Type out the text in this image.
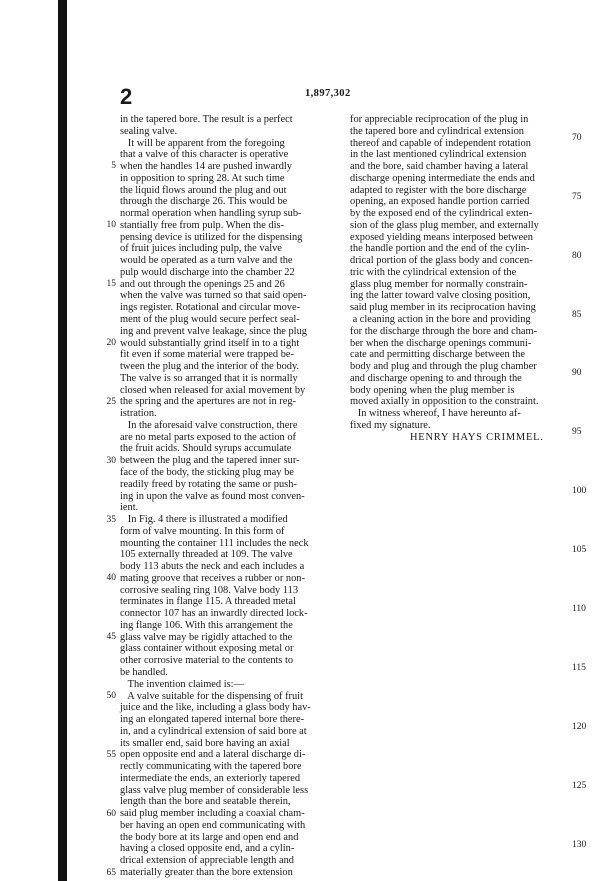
2	1,897,302
in the tapered bore. The result is a perfect
sealing valve.
It will be apparent from the foregoing
that a valve of this character is operative
when the handles 14 are pushed inwardly
in opposition to spring 28. At such time
the liquid flows around the plug and out
through the discharge 26. This would be
normal operation when handling syrup sub-
stantially free from pulp. When the dis-
pensing device is utilized for the dispensing
of fruit juices including pulp, the valve
would be operated as a turn valve and the
pulp would discharge into the chamber 22
and out through the openings 25 and 26
when the valve was turned so that said open-
ings register. Rotational and circular move-
ment of the plug would secure perfect seal-
ing and prevent valve leakage, since the plug
would substantially grind itself in to a tight
fit even if some material were trapped be-
tween the plug and the interior of the body.
The valve is so arranged that it is normally
closed when released for axial movement by
the spring and the apertures are not in reg-
istration.
In the aforesaid valve construction, there
are no metal parts exposed to the action of
the fruit acids. Should syrups accumulate
between the plug and the tapered inner sur-
face of the body, the sticking plug may be
readily freed by rotating the same or push-
ing in upon the valve as found most conven-
ient.
In Fig. 4 there is illustrated a modified
form of valve mounting. In this form of
mounting the container 111 includes the neck
105 externally threaded at 109. The valve
body 113 abuts the neck and each includes a
mating groove that receives a rubber or non-
corrosive sealing ring 108. Valve body 113
terminates in flange 115. A threaded metal
connector 107 has an inwardly directed lock-
ing flange 106. With this arrangement the
glass valve may be rigidly attached to the
glass container without exposing metal or
other corrosive material to the contents to
be handled.
The invention claimed is:—
A valve suitable for the dispensing of fruit
juice and the like, including a glass body hav-
ing an elongated tapered internal bore there-
in, and a cylindrical extension of said bore at
its smaller end, said bore having an axial
open opposite end and a lateral discharge di-
rectly communicating with the tapered bore
intermediate the ends, an exteriorly tapered
glass valve plug member of considerable less
length than the bore and seatable therein,
said plug member including a coaxial cham-
ber having an open end communicating with
the body bore at its large and open end and
having a closed opposite end, and a cylin-
drical extension of appreciable length and
materially greater than the bore extension
for appreciable reciprocation of the plug in
the tapered bore and cylindrical extension
thereof and capable of independent rotation
in the last mentioned cylindrical extension
and the bore, said chamber having a lateral
discharge opening intermediate the ends and
adapted to register with the bore discharge
opening, an exposed handle portion carried
by the exposed end of the cylindrical exten-
sion of the glass plug member, and externally
exposed yielding means interposed between
the handle portion and the end of the cylin-
drical portion of the glass body and concen-
tric with the cylindrical extension of the
glass plug member for normally constrain-
ing the latter toward valve closing position,
said plug member in its reciprocation having
a cleaning action in the bore and providing
for the discharge through the bore and cham-
ber when the discharge openings communi-
cate and permitting discharge between the
body and plug and through the plug chamber
and discharge opening to and through the
body opening when the plug member is
moved axially in opposition to the constraint.
In witness whereof, I have hereunto af-
fixed my signature.
HENRY HAYS CRIMMEL.
5
10
15
20
25
30
35
40
45
50
55
60
65
70
75
80
85
90
95
100
105
110
115
120
125
130
